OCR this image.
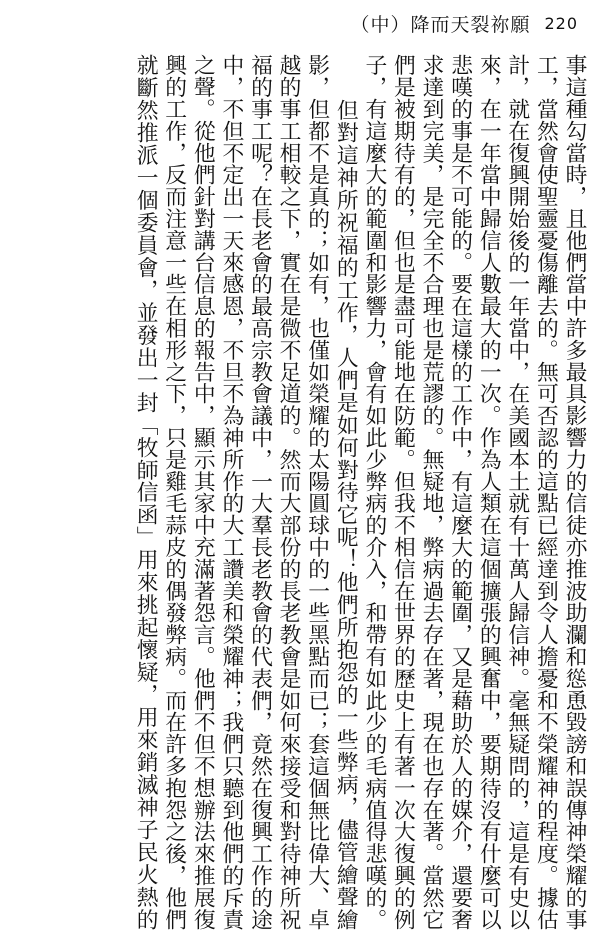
（中）降而天裂祢願 220
事這種勾當時，且他們當中許多最具影響力的信徒亦推波助瀾和慫恿毀謗和誤傳神榮耀的事
工，當然會使聖靈憂傷離去的。無可否認的這點已經達到令人擔憂和不榮耀神的程度。據估
計，就在復興開始後的一年當中，在美國本土就有十萬人歸信神。毫無疑問的，這是有史以
來，在一年當中歸信人數最大的一次。作為人類在這個擴張的興奮中，要期待沒有什麼可以
悲嘆的事是不可能的。要在這樣的工作中，有這麼大的範圍，又是藉助於人的媒介，還要奢
求達到完美，是完全不合理也是荒謬的。無疑地，弊病過去存在著，現在也存在著。當然它
們是被期待有的，但也是盡可能地在防範。但我不相信在世界的歷史上有著一次大復興的例
子，有這麼大的範圍和影響力，會有如此少弊病的介入，和帶有如此少的毛病值得悲嘆的。
　　但對這神所祝福的工作，人們是如何對待它呢！他們所抱怨的一些弊病，儘管繪聲繪
影，但都不是真的；如有，也僅如榮耀的太陽圓球中的一些黑點而已；套這個無比偉大、卓
越的事工相較之下，實在是微不足道的。然而大部份的長老教會是如何來接受和對待神所祝
福的事工呢？在長老會的最高宗教會議中，一大羣長老教會的代表們，竟然在復興工作的途
中，不但不定出一天來感恩，不旦不為神所作的大工讚美和榮耀神；我們只聽到他們的斥責
之聲。從他們針對講台信息的報告中，顯示其家中充滿著怨言。他們不但不想辦法來推展復
興的工作，反而注意一些在相形之下，只是雞毛蒜皮的偶發弊病。而在許多抱怨之後，他們
就斷然推派一個委員會，並發出一封「牧師信函」用來挑起懷疑，用來銷滅神子民火熱的
